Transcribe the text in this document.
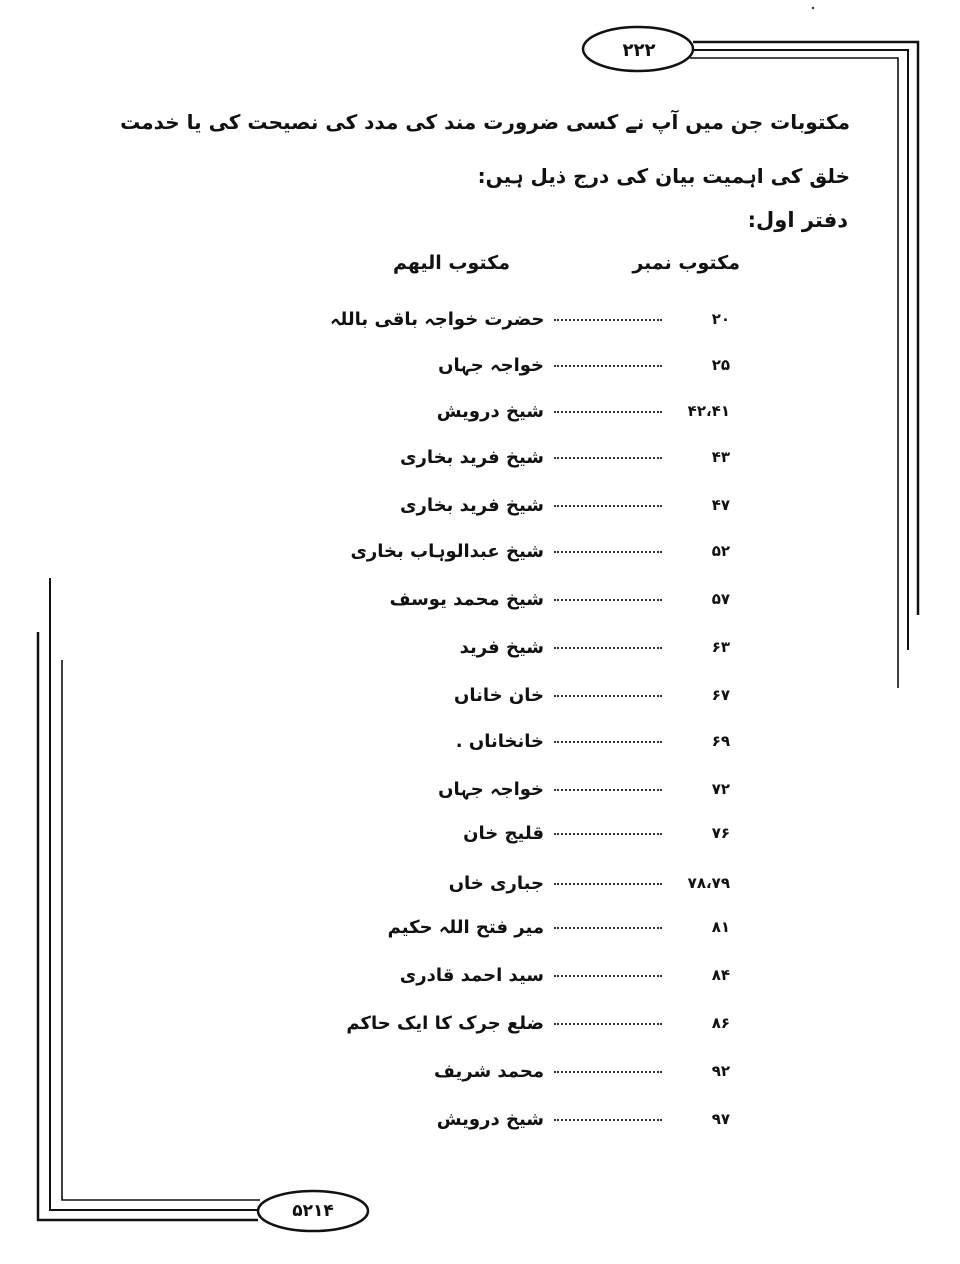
۲۲۲
مکتوبات جن میں آپ نے کسی ضرورت مند کی مدد کی نصیحت کی یا خدمت خلق کی اہمیت بیان کی درج ذیل ہیں:
دفتر اول:
مکتوب نمبر
مکتوب الیھم
۲۰
حضرت خواجہ باقی باللہ
۲۵
خواجہ جہاں
۴۲،۴۱
شیخ درویش
۴۳
شیخ فرید بخاری
۴۷
شیخ فرید بخاری
۵۲
شیخ عبدالوہاب بخاری
۵۷
شیخ محمد یوسف
۶۳
شیخ فرید
۶۷
خان خاناں
۶۹
خانخاناں .
۷۲
خواجہ جہاں
۷۶
قلیج خان
۷۸،۷۹
جباری خاں
۸۱
میر فتح اللہ حکیم
۸۴
سید احمد قادری
۸۶
ضلع جرک کا ایک حاکم
۹۲
محمد شریف
۹۷
شیخ درویش
۵۲۱۴
